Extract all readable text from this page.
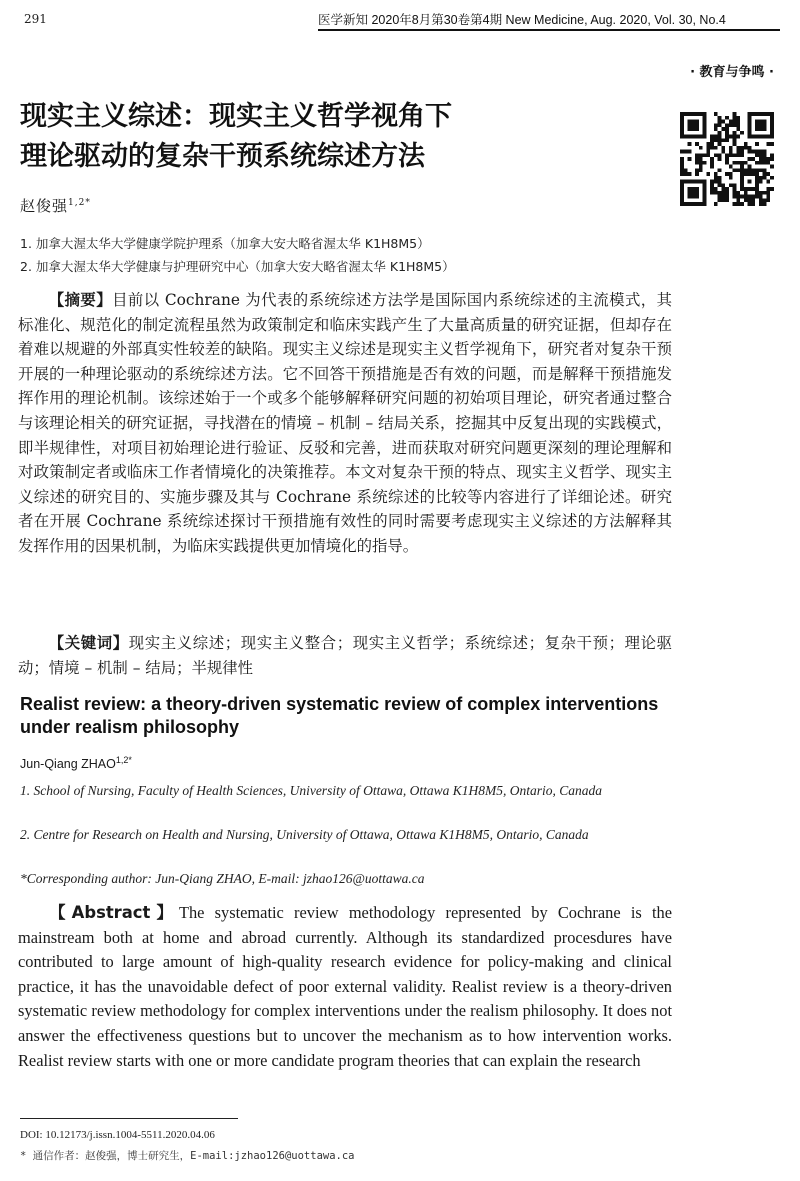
291	医学新知 2020年8月第30卷第4期 New Medicine, Aug. 2020, Vol. 30, No.4
· 教育与争鸣 ·
现实主义综述：现实主义哲学视角下
理论驱动的复杂干预系统综述方法
赵俊强$^{1,2*}$
1. 加拿大渥太华大学健康学院护理系（加拿大安大略省渥太华 K1H8M5）
2. 加拿大渥太华大学健康与护理研究中心（加拿大安大略省渥太华 K1H8M5）

【摘要】目前以 Cochrane 为代表的系统综述方法学是国际国内系统综述的主流模式，其标准化、规范化的制定流程虽然为政策制定和临床实践产生了大量高质量的研究证据，但却存在着难以规避的外部真实性较差的缺陷。现实主义综述是现实主义哲学视角下，研究者对复杂干预开展的一种理论驱动的系统综述方法。它不回答干预措施是否有效的问题，而是解释干预措施发挥作用的理论机制。该综述始于一个或多个能够解释研究问题的初始项目理论，研究者通过整合与该理论相关的研究证据，寻找潜在的情境 – 机制 – 结局关系，挖掘其中反复出现的实践模式，即半规律性，对项目初始理论进行验证、反驳和完善，进而获取对研究问题更深刻的理论理解和对政策制定者或临床工作者情境化的决策推荐。本文对复杂干预的特点、现实主义哲学、现实主义综述的研究目的、实施步骤及其与 Cochrane 系统综述的比较等内容进行了详细论述。研究者在开展 Cochrane 系统综述探讨干预措施有效性的同时需要考虑现实主义综述的方法解释其发挥作用的因果机制，为临床实践提供更加情境化的指导。

【关键词】现实主义综述；现实主义整合；现实主义哲学；系统综述；复杂干预；理论驱动；情境 – 机制 – 结局；半规律性

Realist review: a theory-driven systematic review of complex interventions under realism philosophy
Jun-Qiang $ZHAO^{1,2*}$

1. School of Nursing, Faculty of Health Sciences, University of Ottawa, Ottawa K1H8M5, Ontario, Canada

2. Centre for Research on Health and Nursing, University of Ottawa, Ottawa K1H8M5, Ontario, Canada

*Corresponding author: Jun-Qiang ZHAO, E-mail: jzhao126@uottawa.ca

【Abstract】The systematic review methodology represented by Cochrane is the mainstream both at home and abroad currently. Although its standardized procesdures have contributed to large amount of high-quality research evidence for policy-making and clinical practice, it has the unavoidable defect of poor external validity. Realist review is a theory-driven systematic review methodology for complex interventions under the realism philosophy. It does not answer the effectiveness questions but to uncover the mechanism as to how intervention works. Realist review starts with one or more candidate program theories that can explain the research

DOI: 10.12173/j.issn.1004-5511.2020.04.06
* 通信作者：赵俊强，博士研究生，E-mail:jzhao126@uottawa.ca
